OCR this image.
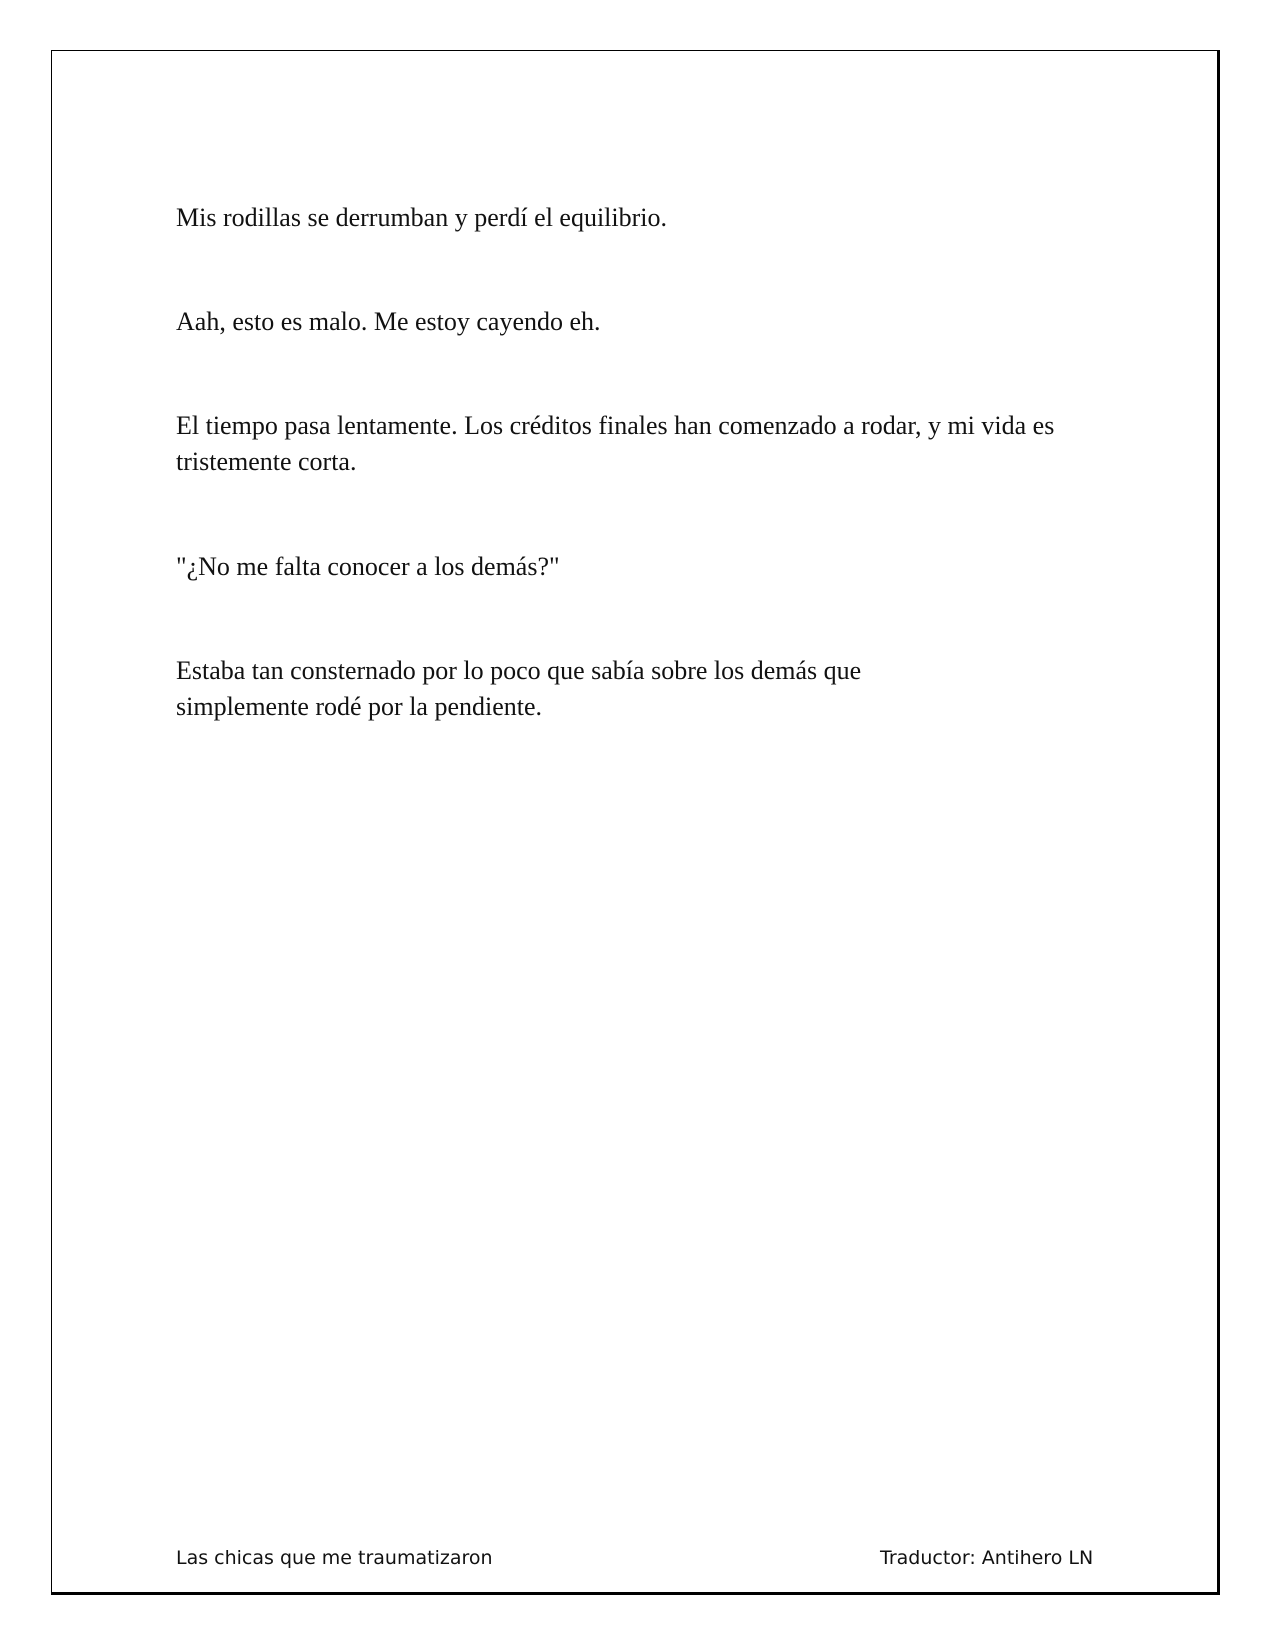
Mis rodillas se derrumban y perdí el equilibrio.

Aah, esto es malo. Me estoy cayendo eh.

El tiempo pasa lentamente. Los créditos finales han comenzado a rodar, y mi vida es tristemente corta.

"¿No me falta conocer a los demás?"

Estaba tan consternado por lo poco que sabía sobre los demás que simplemente rodé por la pendiente.

Las chicas que me traumatizaron	Traductor: Antihero LN
